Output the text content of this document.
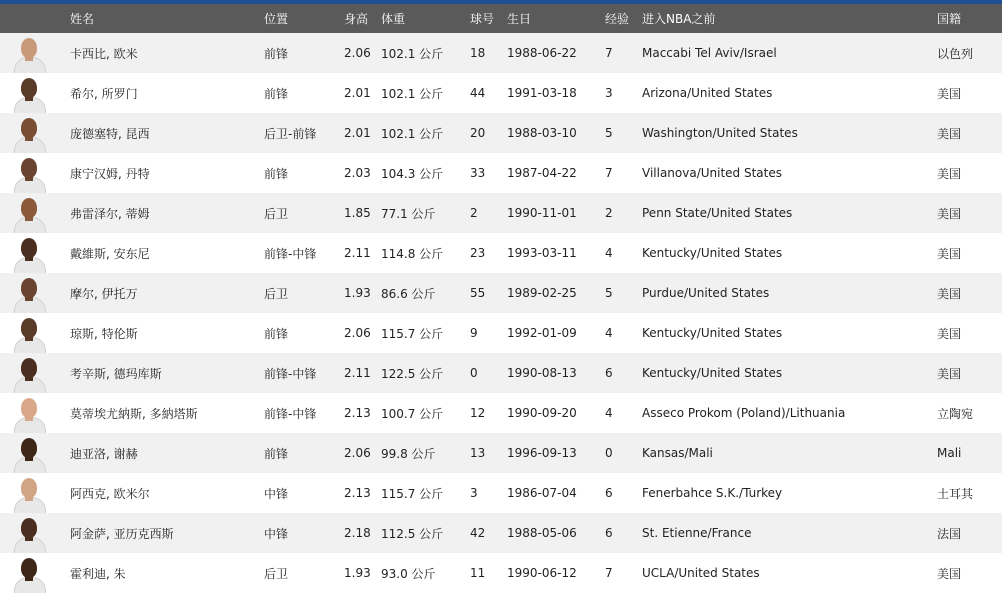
	姓名	位置	身高	体重	球号	生日	经验	进入NBA之前	国籍

	卡西比, 欧米	前锋	2.06	102.1 公斤	18	1988-06-22	7	Maccabi Tel Aviv/Israel	以色列

	希尔, 所罗门	前锋	2.01	102.1 公斤	44	1991-03-18	3	Arizona/United States	美国

	庞德塞特, 昆西	后卫-前锋	2.01	102.1 公斤	20	1988-03-10	5	Washington/United States	美国

	康宁汉姆, 丹特	前锋	2.03	104.3 公斤	33	1987-04-22	7	Villanova/United States	美国

	弗雷泽尔, 蒂姆	后卫	1.85	77.1 公斤	2	1990-11-01	2	Penn State/United States	美国

	戴維斯, 安东尼	前锋-中锋	2.11	114.8 公斤	23	1993-03-11	4	Kentucky/United States	美国

	摩尔, 伊托万	后卫	1.93	86.6 公斤	55	1989-02-25	5	Purdue/United States	美国

	琼斯, 特伦斯	前锋	2.06	115.7 公斤	9	1992-01-09	4	Kentucky/United States	美国

	考辛斯, 德玛库斯	前锋-中锋	2.11	122.5 公斤	0	1990-08-13	6	Kentucky/United States	美国

	莫蒂埃尤納斯, 多納塔斯	前锋-中锋	2.13	100.7 公斤	12	1990-09-20	4	Asseco Prokom (Poland)/Lithuania	立陶宛

	迪亚洛, 谢赫	前锋	2.06	99.8 公斤	13	1996-09-13	0	Kansas/Mali	Mali

	阿西克, 欧米尔	中锋	2.13	115.7 公斤	3	1986-07-04	6	Fenerbahce S.K./Turkey	土耳其

	阿金萨, 亚历克西斯	中锋	2.18	112.5 公斤	42	1988-05-06	6	St. Etienne/France	法国

	霍利迪, 朱	后卫	1.93	93.0 公斤	11	1990-06-12	7	UCLA/United States	美国
